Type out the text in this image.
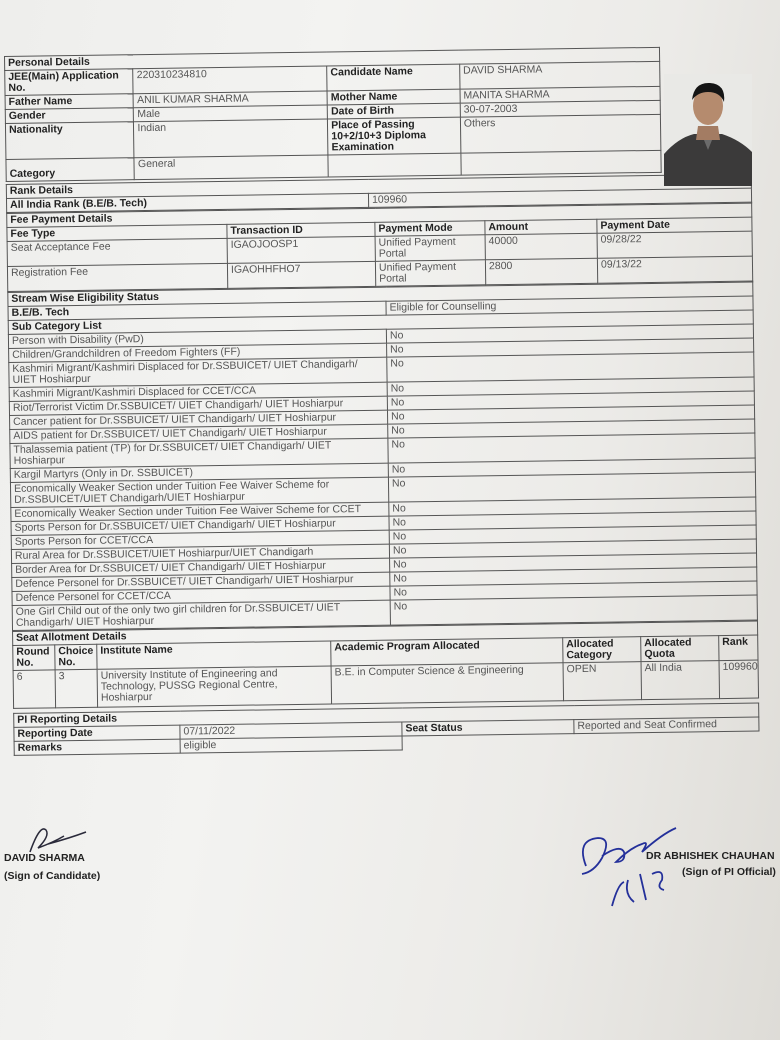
Personal Details			
JEE(Main) Application No.	220310234810	Candidate Name	DAVID SHARMA
Father Name	ANIL KUMAR SHARMA	Mother Name	MANITA SHARMA
Gender	Male	Date of Birth	30-07-2003
Nationality	Indian	Place of Passing 10+2/10+3 Diploma Examination	Others
Category	General		
Rank Details
All India Rank (B.E/B. Tech)	109960
Fee Payment Details				
Fee Type	Transaction ID	Payment Mode	Amount	Payment Date
Seat Acceptance Fee	IGAOJOOSP1	Unified Payment Portal	40000	09/28/22
Registration Fee	IGAOHHFHO7	Unified Payment Portal	2800	09/13/22
Stream Wise Eligibility Status	
B.E/B. Tech	Eligible for Counselling
Sub Category List	
Person with Disability (PwD)	No
Children/Grandchildren of Freedom Fighters (FF)	No
Kashmiri Migrant/Kashmiri Displaced for Dr.SSBUICET/ UIET Chandigarh/ UIET Hoshiarpur	No
Kashmiri Migrant/Kashmiri Displaced for CCET/CCA	No
Riot/Terrorist Victim Dr.SSBUICET/ UIET Chandigarh/ UIET Hoshiarpur	No
Cancer patient for Dr.SSBUICET/ UIET Chandigarh/ UIET Hoshiarpur	No
AIDS patient for Dr.SSBUICET/ UIET Chandigarh/ UIET Hoshiarpur	No
Thalassemia patient (TP) for Dr.SSBUICET/ UIET Chandigarh/ UIET Hoshiarpur	No
Kargil Martyrs (Only in Dr. SSBUICET)	No
Economically Weaker Section under Tuition Fee Waiver Scheme for Dr.SSBUICET/UIET Chandigarh/UIET Hoshiarpur	No
Economically Weaker Section under Tuition Fee Waiver Scheme for CCET	No
Sports Person for Dr.SSBUICET/ UIET Chandigarh/ UIET Hoshiarpur	No
Sports Person for CCET/CCA	No
Rural Area for Dr.SSBUICET/UIET Hoshiarpur/UIET Chandigarh	No
Border Area for Dr.SSBUICET/ UIET Chandigarh/ UIET Hoshiarpur	No
Defence Personel for Dr.SSBUICET/ UIET Chandigarh/ UIET Hoshiarpur	No
Defence Personel for CCET/CCA	No
One Girl Child out of the only two girl children for Dr.SSBUICET/ UIET Chandigarh/ UIET Hoshiarpur	No
Seat Allotment Details						
Round No.	Choice No.	Institute Name	Academic Program Allocated	Allocated Category	Allocated Quota	Rank
6	3	University Institute of Engineering and Technology, PUSSG Regional Centre, Hoshiarpur	B.E. in Computer Science & Engineering	OPEN	All India	109960
PI Reporting Details			
Reporting Date	07/11/2022	Seat Status	Reported and Seat Confirmed
Remarks	eligible		
DAVID SHARMA
(Sign of Candidate)
DR ABHISHEK CHAUHAN
(Sign of PI Official)
